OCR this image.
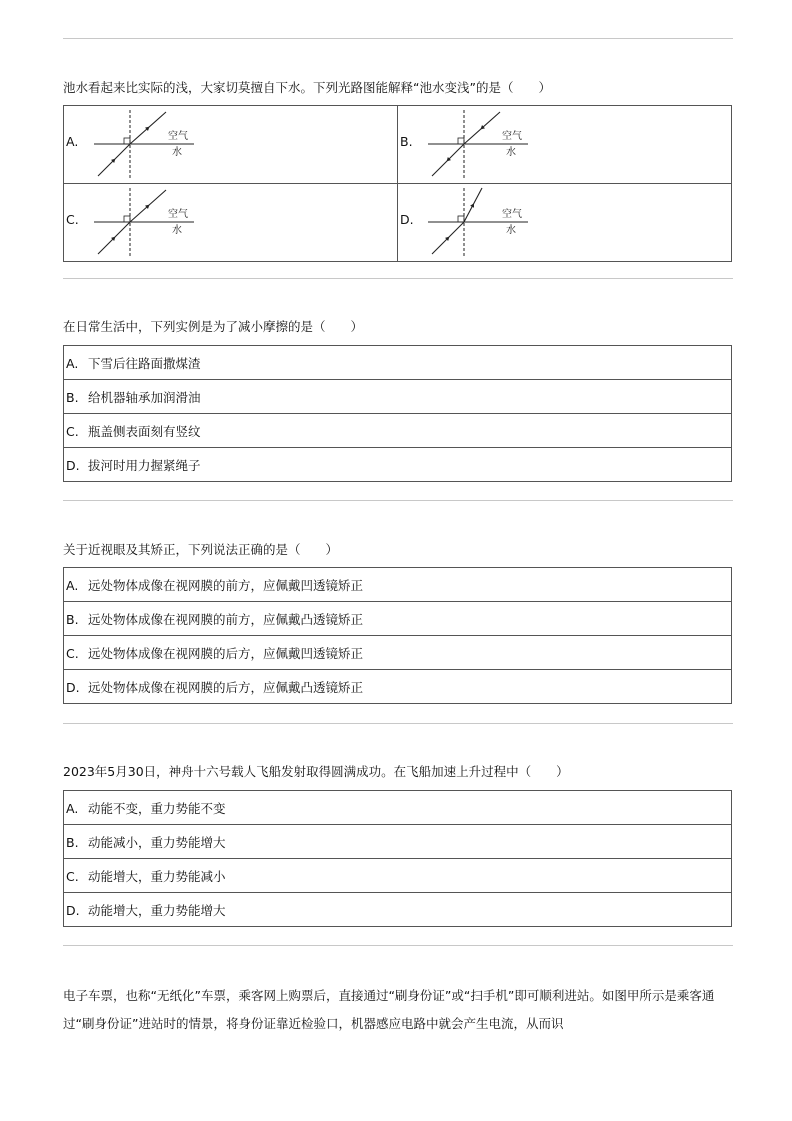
池水看起来比实际的浅，大家切莫擅自下水。下列光路图能解释“池水变浅”的是（　　）
A. 空气
水	B. 空气
水

C. 空气
水	D. 空气
水
在日常生活中，下列实例是为了减小摩擦的是（　　）
A. 下雪后往路面撒煤渣
B. 给机器轴承加润滑油
C. 瓶盖侧表面刻有竖纹
D. 拔河时用力握紧绳子
关于近视眼及其矫正，下列说法正确的是（　　）
A. 远处物体成像在视网膜的前方，应佩戴凹透镜矫正
B. 远处物体成像在视网膜的前方，应佩戴凸透镜矫正
C. 远处物体成像在视网膜的后方，应佩戴凹透镜矫正
D. 远处物体成像在视网膜的后方，应佩戴凸透镜矫正
2023年5月30日，神舟十六号载人飞船发射取得圆满成功。在飞船加速上升过程中（　　）
A. 动能不变，重力势能不变
B. 动能减小，重力势能增大
C. 动能增大，重力势能减小
D. 动能增大，重力势能增大
电子车票，也称“无纸化”车票，乘客网上购票后，直接通过“刷身份证”或“扫手机”即可顺利进站。如图甲所示是乘客通过“刷身份证”进站时的情景，将身份证靠近检验口，机器感应电路中就会产生电流，从而识
